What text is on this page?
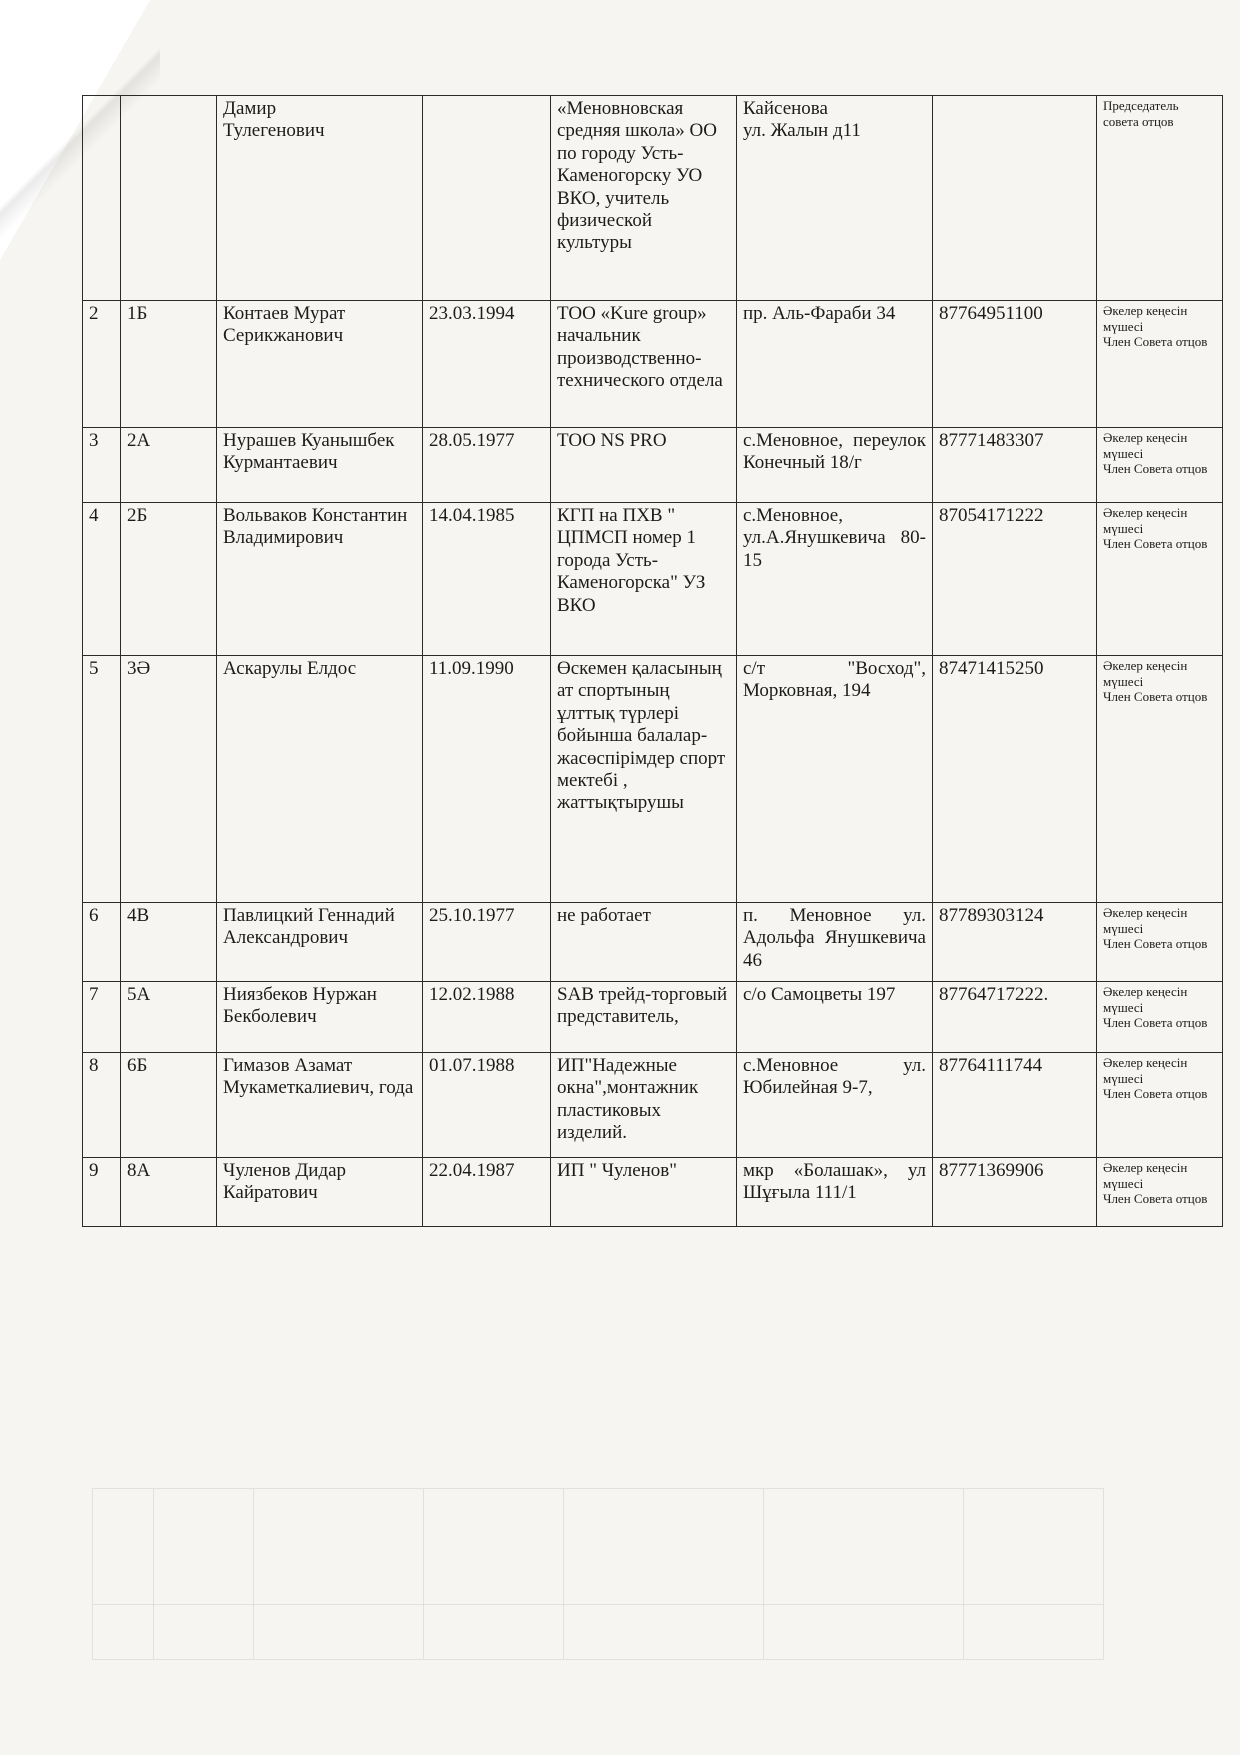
		Дамир
Тулегенович		«Меновновская средняя школа» ОО по городу Усть-Каменогорску УО ВКО, учитель физической культуры	Кайсенова
ул. Жалын д11		Председатель совета отцов
2	1Б	Контаев Мурат Серикжанович	23.03.1994	ТОО «Kure group» начальник производственно-технического отдела	пр. Аль-Фараби 34	87764951100	Әкелер кеңесін мүшесі
Член Совета отцов
3	2А	Нурашев Куанышбек Курмантаевич	28.05.1977	ТОО NS PRO	с.Меновное, переулок Конечный 18/г	87771483307	Әкелер кеңесін мүшесі
Член Совета отцов
4	2Б	Вольваков Константин Владимирович	14.04.1985	КГП на ПХВ " ЦПМСП номер 1 города Усть-Каменогорска" УЗ ВКО	с.Меновное, ул.А.Янушкевича 80-15	87054171222	Әкелер кеңесін мүшесі
Член Совета отцов
5	3Ә	Аскарулы Елдос	11.09.1990	Өскемен қаласының ат спортының ұлттық түрлері бойынша балалар-жасөспірімдер спорт мектебі , жаттықтырушы	с/т "Восход", Морковная, 194	87471415250	Әкелер кеңесін мүшесі
Член Совета отцов
6	4В	Павлицкий Геннадий Александрович	25.10.1977	не работает	п. Меновное ул. Адольфа Янушкевича 46	87789303124	Әкелер кеңесін мүшесі
Член Совета отцов
7	5А	Ниязбеков Нуржан Бекболевич	12.02.1988	SAB трейд-торговый представитель,	с/о Самоцветы 197	87764717222.	Әкелер кеңесін мүшесі
Член Совета отцов
8	6Б	Гимазов Азамат Мукаметкалиевич, года	01.07.1988	ИП"Надежные окна",монтажник пластиковых изделий.	с.Меновное ул. Юбилейная 9-7,	87764111744	Әкелер кеңесін мүшесі
Член Совета отцов
9	8А	Чуленов Дидар Кайратович	22.04.1987	ИП " Чуленов"	мкр «Болашак», ул Шұғыла 111/1	87771369906	Әкелер кеңесін мүшесі
Член Совета отцов
